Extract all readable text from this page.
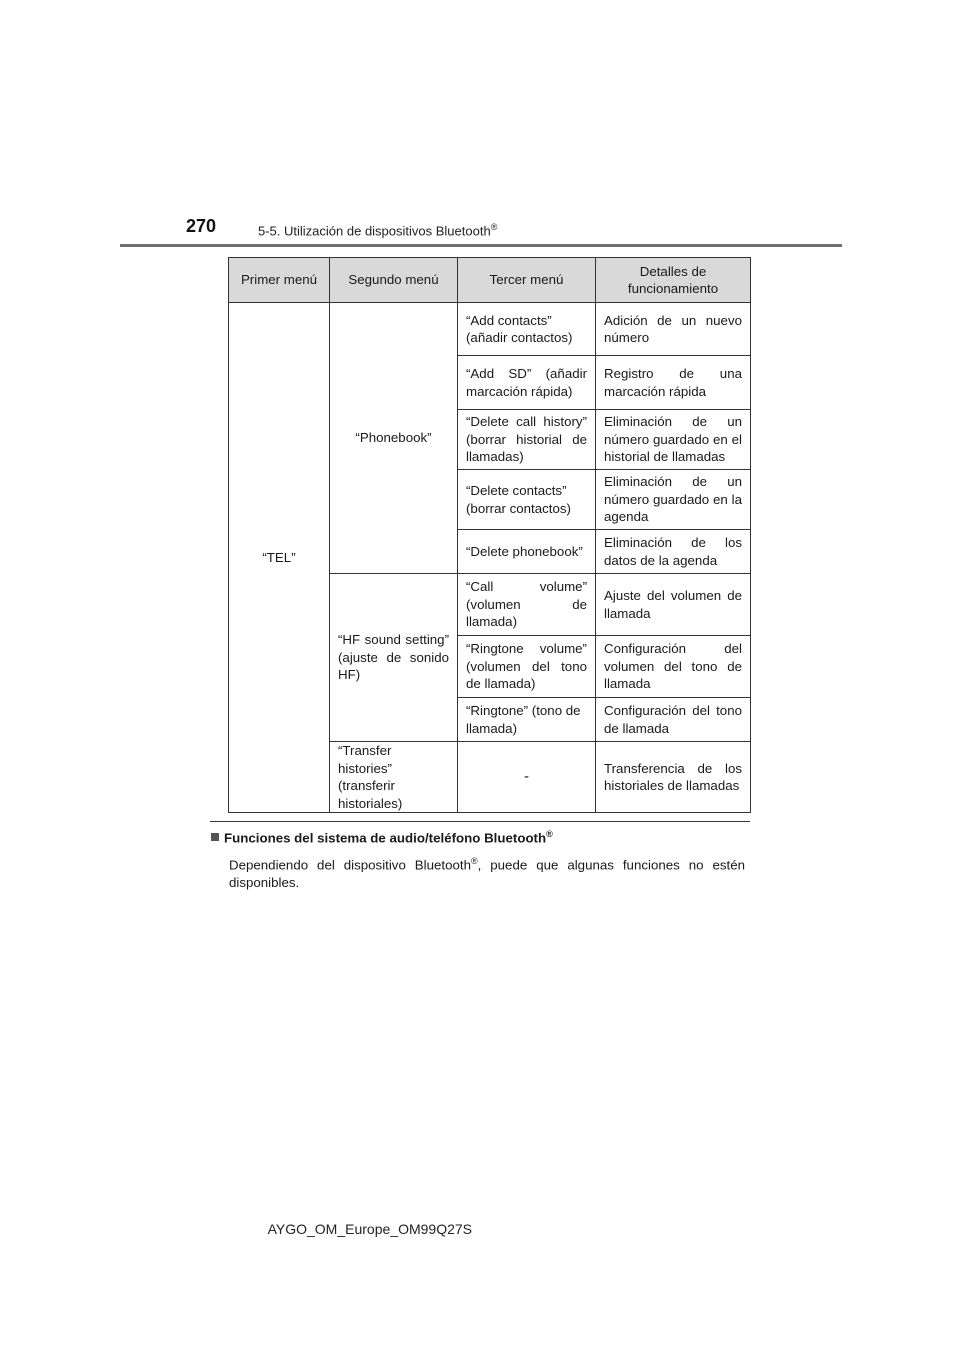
270	5-5. Utilización de dispositivos Bluetooth®
Primer menú	Segundo menú	Tercer menú	Detalles de funcionamiento
“TEL”	“Phonebook”	“Add contacts” (añadir contactos)	Adición de un nuevo número
		“Add SD” (añadir marcación rápida)	Registro de una marcación rápida
		“Delete call history” (borrar historial de llamadas)	Eliminación de un número guardado en el historial de llamadas
		“Delete contacts” (borrar contactos)	Eliminación de un número guardado en la agenda
		“Delete phonebook”	Eliminación de los datos de la agenda
	“HF sound setting” (ajuste de sonido HF)	“Call volume” (volumen de llamada)	Ajuste del volumen de llamada
		“Ringtone volume” (volumen del tono de llamada)	Configuración del volumen del tono de llamada
		“Ringtone” (tono de llamada)	Configuración del tono de llamada
	“Transfer histories” (transferir historiales)	-	Transferencia de los historiales de llamadas
Funciones del sistema de audio/teléfono Bluetooth®
Dependiendo del dispositivo Bluetooth®, puede que algunas funciones no estén disponibles.
AYGO_OM_Europe_OM99Q27S
